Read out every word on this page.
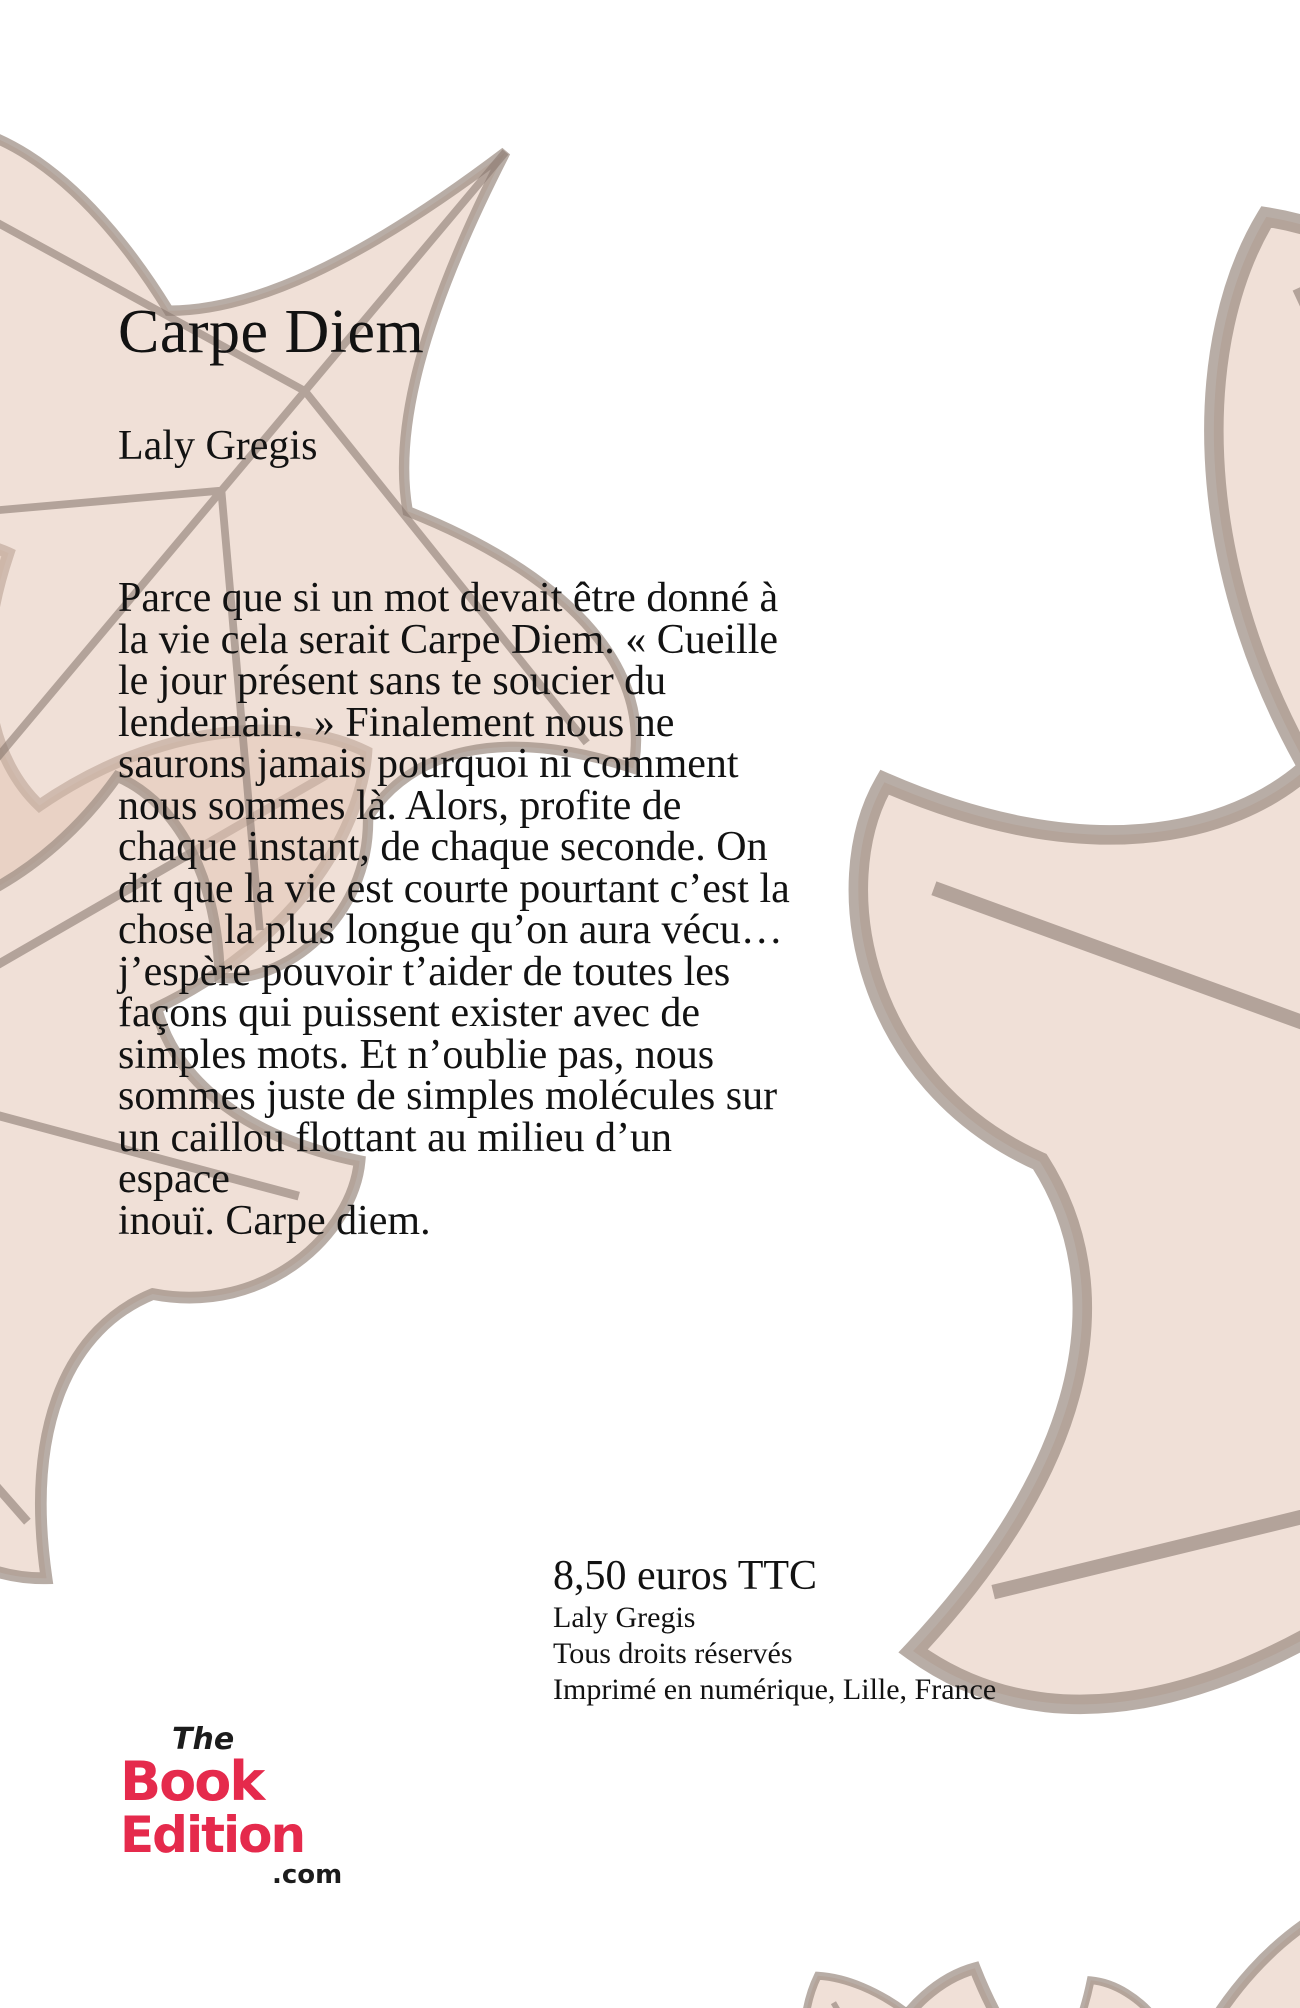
Carpe Diem
Laly Gregis
Parce que si un mot devait être donné à
la vie cela serait Carpe Diem. « Cueille
le jour présent sans te soucier du
lendemain. » Finalement nous ne
saurons jamais pourquoi ni comment
nous sommes là. Alors, profite de
chaque instant, de chaque seconde. On
dit que la vie est courte pourtant c’est la
chose la plus longue qu’on aura vécu…
j’espère pouvoir t’aider de toutes les
façons qui puissent exister avec de
simples mots. Et n’oublie pas, nous
sommes juste de simples molécules sur
un caillou flottant au milieu d’un
espace
inouï. Carpe diem.
8,50 euros TTC
Laly Gregis
Tous droits réservés
Imprimé en numérique, Lille, France
The
Book
Edition
.com
